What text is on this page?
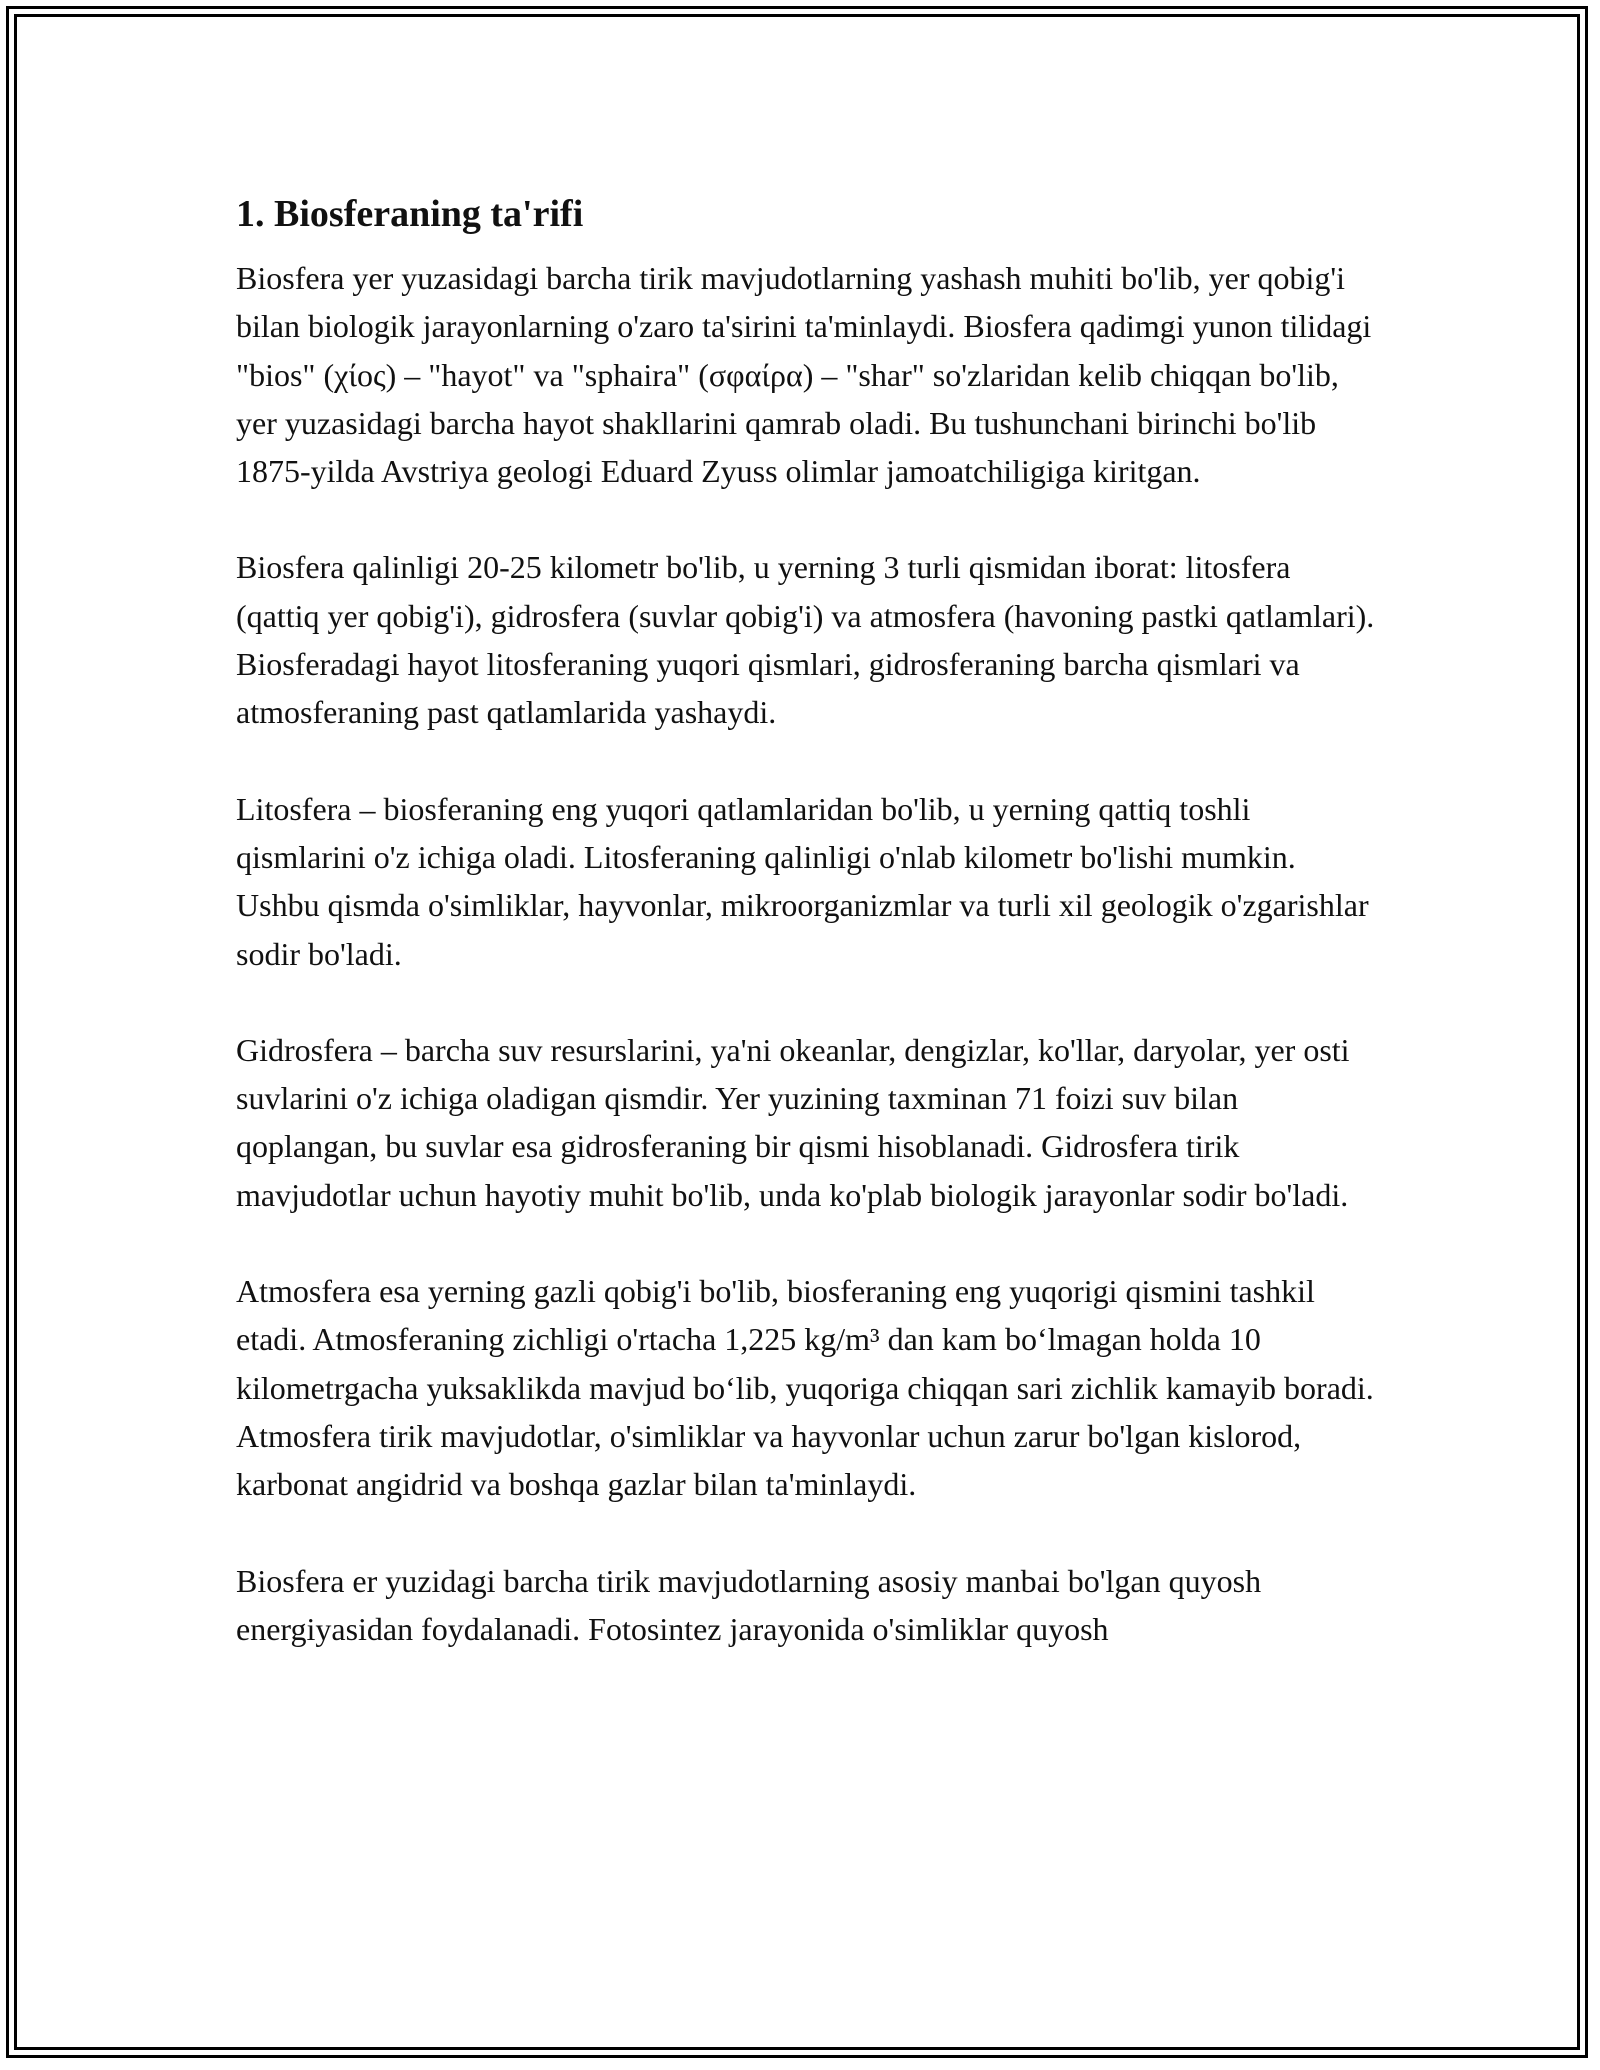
1. Biosferaning ta'rifi

Biosfera yer yuzasidagi barcha tirik mavjudotlarning yashash muhiti bo'lib, yer qobig'i bilan biologik jarayonlarning o'zaro ta'sirini ta'minlaydi. Biosfera qadimgi yunon tilidagi "bios" (χίος) – "hayot" va "sphaira" (σφαίρα) – "shar" so'zlaridan kelib chiqqan bo'lib, yer yuzasidagi barcha hayot shakllarini qamrab oladi. Bu tushunchani birinchi bo'lib 1875-yilda Avstriya geologi Eduard Zyuss olimlar jamoatchiligiga kiritgan.

Biosfera qalinligi 20-25 kilometr bo'lib, u yerning 3 turli qismidan iborat: litosfera (qattiq yer qobig'i), gidrosfera (suvlar qobig'i) va atmosfera (havoning pastki qatlamlari). Biosferadagi hayot litosferaning yuqori qismlari, gidrosferaning barcha qismlari va atmosferaning past qatlamlarida yashaydi.

Litosfera – biosferaning eng yuqori qatlamlaridan bo'lib, u yerning qattiq toshli qismlarini o'z ichiga oladi. Litosferaning qalinligi o'nlab kilometr bo'lishi mumkin. Ushbu qismda o'simliklar, hayvonlar, mikroorganizmlar va turli xil geologik o'zgarishlar sodir bo'ladi.

Gidrosfera – barcha suv resurslarini, ya'ni okeanlar, dengizlar, ko'llar, daryolar, yer osti suvlarini o'z ichiga oladigan qismdir. Yer yuzining taxminan 71 foizi suv bilan qoplangan, bu suvlar esa gidrosferaning bir qismi hisoblanadi. Gidrosfera tirik mavjudotlar uchun hayotiy muhit bo'lib, unda ko'plab biologik jarayonlar sodir bo'ladi.

Atmosfera esa yerning gazli qobig'i bo'lib, biosferaning eng yuqorigi qismini tashkil etadi. Atmosferaning zichligi o'rtacha 1,225 kg/m³ dan kam bo‘lmagan holda 10 kilometrgacha yuksaklikda mavjud bo‘lib, yuqoriga chiqqan sari zichlik kamayib boradi. Atmosfera tirik mavjudotlar, o'simliklar va hayvonlar uchun zarur bo'lgan kislorod, karbonat angidrid va boshqa gazlar bilan ta'minlaydi.

Biosfera er yuzidagi barcha tirik mavjudotlarning asosiy manbai bo'lgan quyosh energiyasidan foydalanadi. Fotosintez jarayonida o'simliklar quyosh
